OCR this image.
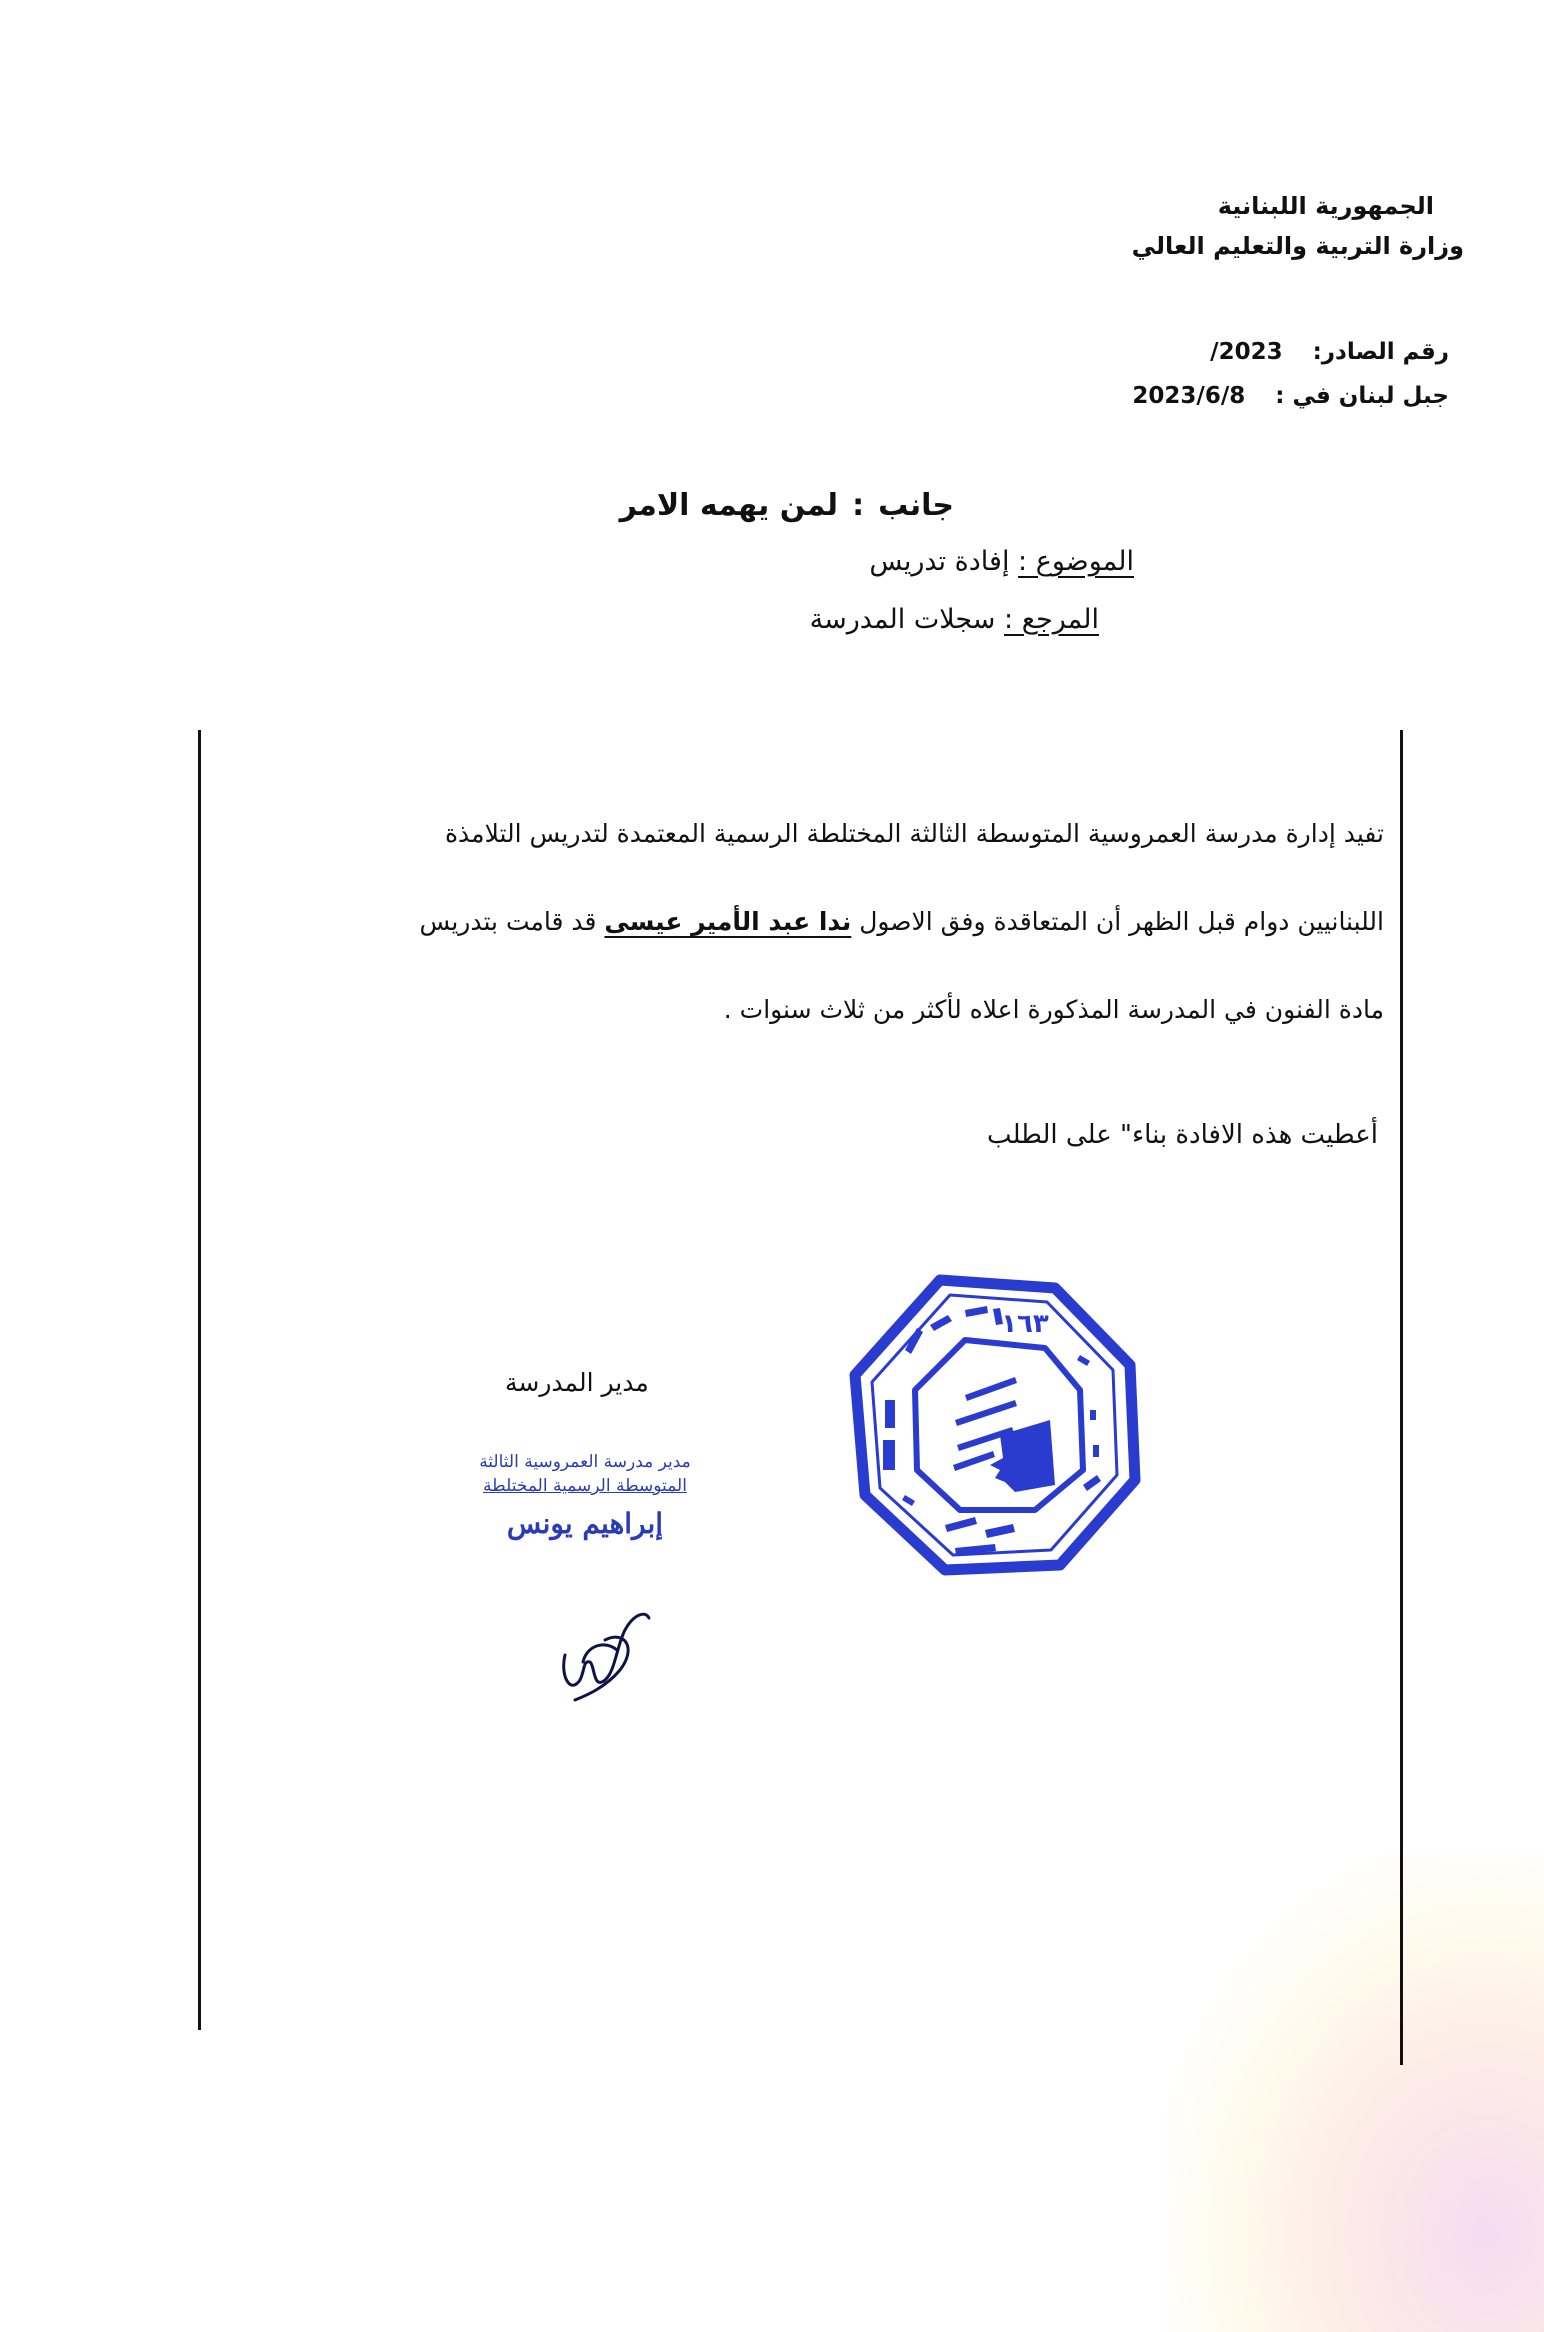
الجمهورية اللبنانية
وزارة التربية والتعليم العالي
رقم الصادر:
/2023
جبل لبنان في :
2023/6/8
جانب:لمن يهمه الامر
الموضوع : إفادة تدريس
المرجع : سجلات المدرسة

تفيد إدارة مدرسة العمروسية المتوسطة الثالثة المختلطة الرسمية المعتمدة لتدريس التلامذة

اللبنانيين دوام قبل الظهر أن المتعاقدة وفق الاصول ندا عبد الأمير عيسى قد قامت بتدريس

مادة الفنون في المدرسة المذكورة اعلاه لأكثر من ثلاث سنوات .

أعطيت هذه الافادة بناء" على الطلب
مدير المدرسة
مدير مدرسة العمروسية الثالثة
المتوسطة الرسمية المختلطة
إبراهيم يونس
١٦٣
